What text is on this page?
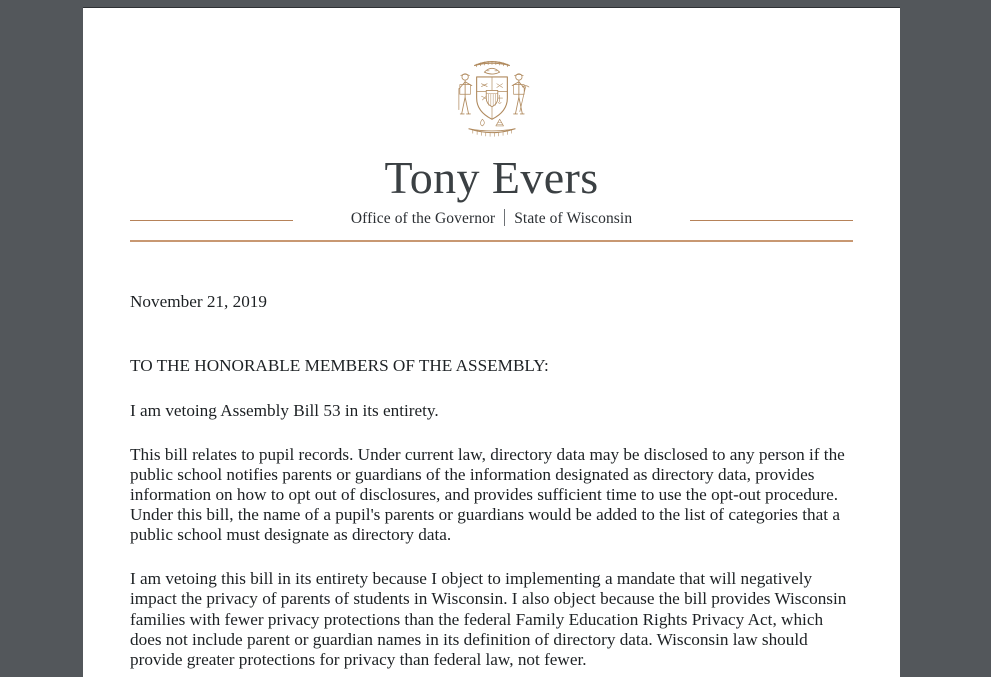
Tony Evers
Office of the Governor State of Wisconsin

November 21, 2019

TO THE HONORABLE MEMBERS OF THE ASSEMBLY:

I am vetoing Assembly Bill 53 in its entirety.

This bill relates to pupil records. Under current law, directory data may be disclosed to any person if the public school notifies parents or guardians of the information designated as directory data, provides information on how to opt out of disclosures, and provides sufficient time to use the opt-out procedure. Under this bill, the name of a pupil's parents or guardians would be added to the list of categories that a public school must designate as directory data.

I am vetoing this bill in its entirety because I object to implementing a mandate that will negatively impact the privacy of parents of students in Wisconsin. I also object because the bill provides Wisconsin families with fewer privacy protections than the federal Family Education Rights Privacy Act, which does not include parent or guardian names in its definition of directory data. Wisconsin law should provide greater protections for privacy than federal law, not fewer.
